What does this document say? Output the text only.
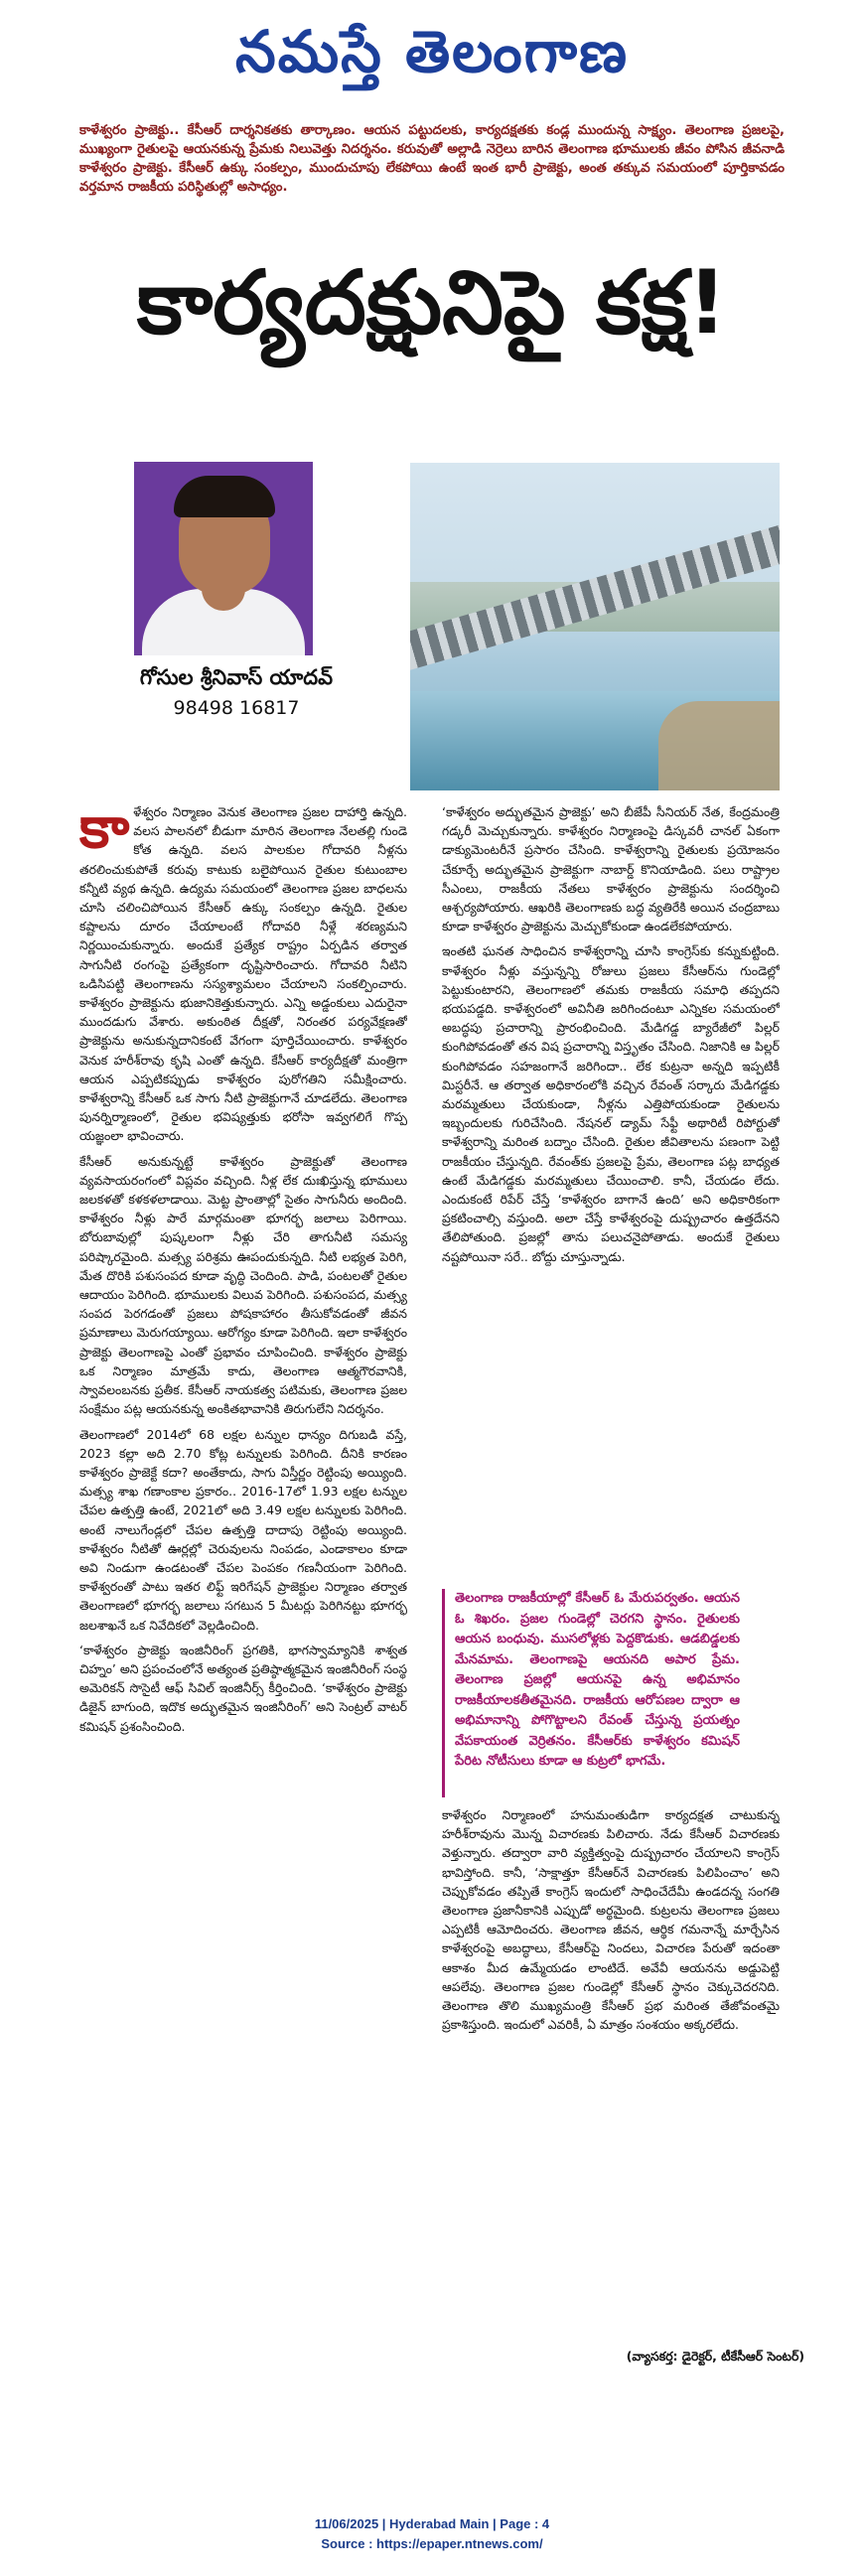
నమస్తే తెలంగాణ
కాళేశ్వరం ప్రాజెక్టు.. కేసీఆర్ దార్శనికతకు తార్కాణం. ఆయన పట్టుదలకు, కార్యదక్షతకు కండ్ల ముందున్న సాక్ష్యం. తెలంగాణ ప్రజలపై, ముఖ్యంగా రైతులపై ఆయనకున్న ప్రేమకు నిలువెత్తు నిదర్శనం. కరువుతో అల్లాడి నెర్రెలు బారిన తెలంగాణ భూములకు జీవం పోసిన జీవనాడి కాళేశ్వరం ప్రాజెక్టు. కేసీఆర్ ఉక్కు సంకల్పం, ముందుచూపు లేకపోయి ఉంటే ఇంత భారీ ప్రాజెక్టు, అంత తక్కువ సమయంలో పూర్తికావడం వర్తమాన రాజకీయ పరిస్థితుల్లో అసాధ్యం.
కార్యదక్షునిపై కక్ష!
గోసుల శ్రీనివాస్ యాదవ్
98498 16817

కాళేశ్వరం నిర్మాణం వెనుక తెలంగాణ ప్రజల దాహార్తి ఉన్నది. వలస పాలనలో బీడుగా మారిన తెలంగాణ నేలతల్లి గుండె కోత ఉన్నది. వలస పాలకుల గోదావరి నీళ్లను తరలించుకుపోతే కరువు కాటుకు బలైపోయిన రైతుల కుటుంబాల కన్నీటి వ్యథ ఉన్నది. ఉద్యమ సమయంలో తెలంగాణ ప్రజల బాధలను చూసి చలించిపోయిన కేసీఆర్ ఉక్కు సంకల్పం ఉన్నది. రైతుల కష్టాలను దూరం చేయాలంటే గోదావరి నీళ్లే శరణ్యమని నిర్ణయించుకున్నారు. అందుకే ప్రత్యేక రాష్ట్రం ఏర్పడిన తర్వాత సాగునీటి రంగంపై ప్రత్యేకంగా దృష్టిసారించారు. గోదావరి నీటిని ఒడిసిపట్టి తెలంగాణను సస్యశ్యామలం చేయాలని సంకల్పించారు. కాళేశ్వరం ప్రాజెక్టును భుజానికెత్తుకున్నారు. ఎన్ని అడ్డంకులు ఎదురైనా ముందడుగు వేశారు. అకుంఠిత దీక్షతో, నిరంతర పర్యవేక్షణతో ప్రాజెక్టును అనుకున్నదానికంటే వేగంగా పూర్తిచేయించారు. కాళేశ్వరం వెనుక హరీశ్‌రావు కృషి ఎంతో ఉన్నది. కేసీఆర్ కార్యదీక్షతో మంత్రిగా ఆయన ఎప్పటికప్పుడు కాళేశ్వరం పురోగతిని సమీక్షించారు. కాళేశ్వరాన్ని కేసీఆర్ ఒక సాగు నీటి ప్రాజెక్టుగానే చూడలేదు. తెలంగాణ పునర్నిర్మాణంలో, రైతుల భవిష్యత్తుకు భరోసా ఇవ్వగలిగే గొప్ప యజ్ఞంలా భావించారు.

కేసీఆర్ అనుకున్నట్టే కాళేశ్వరం ప్రాజెక్టుతో తెలంగాణ వ్యవసాయరంగంలో విప్లవం వచ్చింది. నీళ్ల లేక దుఃఖిస్తున్న భూములు జలకళతో కళకళలాడాయి. మెట్ట ప్రాంతాల్లో సైతం సాగునీరు అందింది. కాళేశ్వరం నీళ్లు పారే మార్గమంతా భూగర్భ జలాలు పెరిగాయి. బోరుబావుల్లో పుష్కలంగా నీళ్లు చేరి తాగునీటి సమస్య పరిష్కారమైంది. మత్స్య పరిశ్రమ ఊపందుకున్నది. నీటి లభ్యత పెరిగి, మేత దొరికి పశుసంపద కూడా వృద్ధి చెందింది. పాడి, పంటలతో రైతుల ఆదాయం పెరిగింది. భూములకు విలువ పెరిగింది. పశుసంపద, మత్స్య సంపద పెరగడంతో ప్రజలు పోషకాహారం తీసుకోవడంతో జీవన ప్రమాణాలు మెరుగయ్యాయి. ఆరోగ్యం కూడా పెరిగింది. ఇలా కాళేశ్వరం ప్రాజెక్టు తెలంగాణపై ఎంతో ప్రభావం చూపించింది. కాళేశ్వరం ప్రాజెక్టు ఒక నిర్మాణం మాత్రమే కాదు, తెలంగాణ ఆత్మగౌరవానికి, స్వావలంబనకు ప్రతీక. కేసీఆర్ నాయకత్వ పటిమకు, తెలంగాణ ప్రజల సంక్షేమం పట్ల ఆయనకున్న అంకితభావానికి తిరుగులేని నిదర్శనం.

తెలంగాణలో 2014లో 68 లక్షల టన్నుల ధాన్యం దిగుబడి వస్తే, 2023 కల్లా అది 2.70 కోట్ల టన్నులకు పెరిగింది. దీనికి కారణం కాళేశ్వరం ప్రాజెక్టే కదా? అంతేకాదు, సాగు విస్తీర్ణం రెట్టింపు అయ్యింది. మత్స్య శాఖ గణాంకాల ప్రకారం.. 2016-17లో 1.93 లక్షల టన్నుల చేపల ఉత్పత్తి ఉంటే, 2021లో అది 3.49 లక్షల టన్నులకు పెరిగింది. అంటే నాలుగేండ్లలో చేపల ఉత్పత్తి దాదాపు రెట్టింపు అయ్యింది. కాళేశ్వరం నీటితో ఊర్లల్లో చెరువులను నింపడం, ఎండాకాలం కూడా అవి నిండుగా ఉండటంతో చేపల పెంపకం గణనీయంగా పెరిగింది. కాళేశ్వరంతో పాటు ఇతర లిఫ్ట్ ఇరిగేషన్ ప్రాజెక్టుల నిర్మాణం తర్వాత తెలంగాణలో భూగర్భ జలాలు సగటున 5 మీటర్లు పెరిగినట్టు భూగర్భ జలశాఖనే ఒక నివేదికలో వెల్లడించింది.

‘కాళేశ్వరం ప్రాజెక్టు ఇంజినీరింగ్ ప్రగతికి, భాగస్వామ్యానికి శాశ్వత చిహ్నం’ అని ప్రపంచంలోనే అత్యంత ప్రతిష్ఠాత్మకమైన ఇంజినీరింగ్ సంస్థ అమెరికన్ సొసైటీ ఆఫ్ సివిల్ ఇంజినీర్స్ కీర్తించింది. ‘కాళేశ్వరం ప్రాజెక్టు డిజైన్ బాగుంది, ఇదొక అద్భుతమైన ఇంజినీరింగ్’ అని సెంట్రల్ వాటర్ కమిషన్ ప్రశంసించింది.

‘కాళేశ్వరం అద్భుతమైన ప్రాజెక్టు’ అని బీజేపీ సీనియర్ నేత, కేంద్రమంత్రి గడ్కరీ మెచ్చుకున్నారు. కాళేశ్వరం నిర్మాణంపై డిస్కవరీ చానల్ ఏకంగా డాక్యుమెంటరీనే ప్రసారం చేసింది. కాళేశ్వరాన్ని రైతులకు ప్రయోజనం చేకూర్చే అద్భుతమైన ప్రాజెక్టుగా నాబార్డ్ కొనియాడింది. పలు రాష్ట్రాల సీఎంలు, రాజకీయ నేతలు కాళేశ్వరం ప్రాజెక్టును సందర్శించి ఆశ్చర్యపోయారు. ఆఖరికి తెలంగాణకు బద్ధ వ్యతిరేకి అయిన చంద్రబాబు కూడా కాళేశ్వరం ప్రాజెక్టును మెచ్చుకోకుండా ఉండలేకపోయారు.

ఇంతటి ఘనత సాధించిన కాళేశ్వరాన్ని చూసి కాంగ్రెస్‌కు కన్నుకుట్టింది. కాళేశ్వరం నీళ్లు వస్తున్నన్ని రోజులు ప్రజలు కేసీఆర్‌ను గుండెల్లో పెట్టుకుంటారని, తెలంగాణలో తమకు రాజకీయ సమాధి తప్పదని భయపడ్డది. కాళేశ్వరంలో అవినీతి జరిగిందంటూ ఎన్నికల సమయంలో అబద్ధపు ప్రచారాన్ని ప్రారంభించింది. మేడిగడ్డ బ్యారేజీలో పిల్లర్ కుంగిపోవడంతో తన విష ప్రచారాన్ని విస్తృతం చేసింది. నిజానికి ఆ పిల్లర్ కుంగిపోవడం సహజంగానే జరిగిందా.. లేక కుట్రనా అన్నది ఇప్పటికీ మిస్టరీనే. ఆ తర్వాత అధికారంలోకి వచ్చిన రేవంత్ సర్కారు మేడిగడ్డకు మరమ్మతులు చేయకుండా, నీళ్లను ఎత్తిపోయకుండా రైతులను ఇబ్బందులకు గురిచేసింది. నేషనల్ డ్యామ్ సేఫ్టీ అథారిటీ రిపోర్టుతో కాళేశ్వరాన్ని మరింత బద్నాం చేసింది. రైతుల జీవితాలను పణంగా పెట్టి రాజకీయం చేస్తున్నది. రేవంత్‌కు ప్రజలపై ప్రేమ, తెలంగాణ పట్ల బాధ్యత ఉంటే మేడిగడ్డకు మరమ్మతులు చేయించాలి. కానీ, చేయడం లేదు. ఎందుకంటే రిపేర్ చేస్తే ‘కాళేశ్వరం బాగానే ఉంది’ అని అధికారికంగా ప్రకటించాల్సి వస్తుంది. అలా చేస్తే కాళేశ్వరంపై దుష్ప్రచారం ఉత్తదేనని తేలిపోతుంది. ప్రజల్లో తాను పలుచనైపోతాడు. అందుకే రైతులు నష్టపోయినా సరే.. బోద్దు చూస్తున్నాడు.

తెలంగాణ రాజకీయాల్లో కేసీఆర్ ఓ మేరుపర్వతం. ఆయన ఓ శిఖరం. ప్రజల గుండెల్లో చెరగని స్థానం. రైతులకు ఆయన బంధువు. ముసలోళ్లకు పెద్దకొడుకు. ఆడబిడ్డలకు మేనమామ. తెలంగాణపై ఆయనది అపార ప్రేమ. తెలంగాణ ప్రజల్లో ఆయనపై ఉన్న అభిమానం రాజకీయాలకతీతమైనది. రాజకీయ ఆరోపణల ద్వారా ఆ అభిమానాన్ని పోగొట్టాలని రేవంత్ చేస్తున్న ప్రయత్నం వేపకాయంత వెర్రితనం. కేసీఆర్‌కు కాళేశ్వరం కమిషన్ పేరిట నోటీసులు కూడా ఆ కుట్రలో భాగమే.

కాళేశ్వరం నిర్మాణంలో హనుమంతుడిగా కార్యదక్షత చాటుకున్న హరీశ్‌రావును మొన్న విచారణకు పిలిచారు. నేడు కేసీఆర్ విచారణకు వెళ్తున్నారు. తద్వారా వారి వ్యక్తిత్వంపై దుష్ప్రచారం చేయాలని కాంగ్రెస్ భావిస్తోంది. కానీ, ‘సాక్షాత్తూ కేసీఆర్‌నే విచారణకు పిలిపించాం’ అని చెప్పుకోవడం తప్పితే కాంగ్రెస్ ఇందులో సాధించేదేమీ ఉండదన్న సంగతి తెలంగాణ ప్రజానీకానికి ఎప్పుడో అర్థమైంది. కుట్రలను తెలంగాణ ప్రజలు ఎప్పటికీ ఆమోదించరు. తెలంగాణ జీవన, ఆర్థిక గమనాన్నే మార్చేసిన కాళేశ్వరంపై అబద్ధాలు, కేసీఆర్‌పై నిందలు, విచారణ పేరుతో ఇదంతా ఆకాశం మీద ఉమ్మేయడం లాంటిదే. అవేవీ ఆయనను అడ్డుపెట్టి ఆపలేవు. తెలంగాణ ప్రజల గుండెల్లో కేసీఆర్ స్థానం చెక్కుచెదరనిది. తెలంగాణ తొలి ముఖ్యమంత్రి కేసీఆర్ ప్రభ మరింత తేజోవంతమై ప్రకాశిస్తుంది. ఇందులో ఎవరికీ, ఏ మాత్రం సంశయం అక్కరలేదు.

(వ్యాసకర్త: డైరెక్టర్, టీకేసీఆర్ సెంటర్)
11/06/2025 | Hyderabad Main | Page : 4
Source : https://epaper.ntnews.com/
